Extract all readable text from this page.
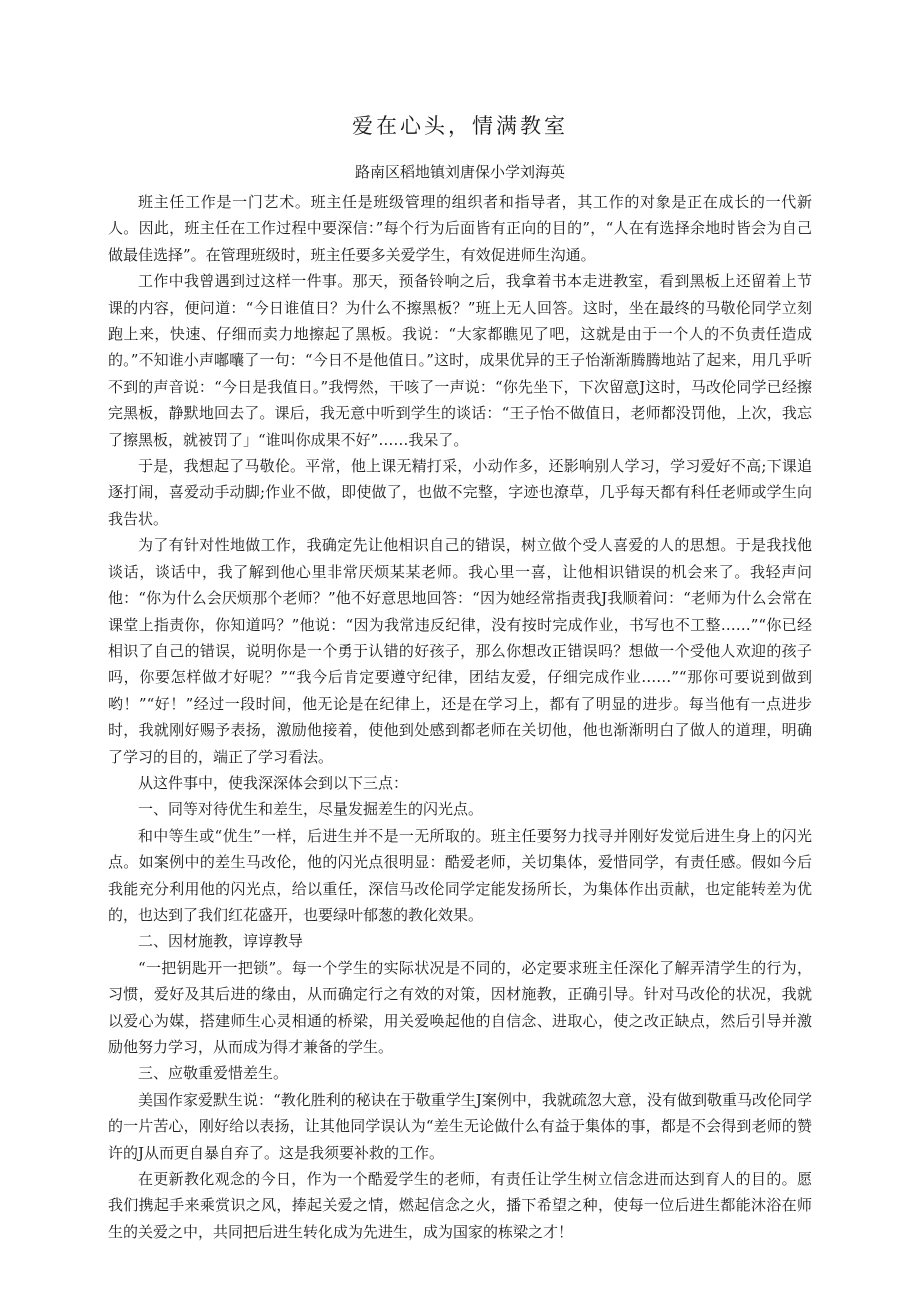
爱在心头，情满教室
路南区稻地镇刘唐保小学刘海英

班主任工作是一门艺术。班主任是班级管理的组织者和指导者，其工作的对象是正在成长的一代新人。因此，班主任在工作过程中要深信：”每个行为后面皆有正向的目的”，“人在有选择余地时皆会为自己做最佳选择”。在管理班级时，班主任要多关爱学生，有效促进师生沟通。

工作中我曾遇到过这样一件事。那天，预备铃响之后，我拿着书本走进教室，看到黑板上还留着上节课的内容，便问道：“今日谁值日？为什么不擦黑板？”班上无人回答。这时，坐在最终的马敬伦同学立刻跑上来，快速、仔细而卖力地擦起了黑板。我说：“大家都瞧见了吧，这就是由于一个人的不负责任造成的。”不知谁小声嘟囔了一句：“今日不是他值日。”这时，成果优异的王子怡渐渐腾腾地站了起来，用几乎听不到的声音说：“今日是我值日。”我愕然，干咳了一声说：“你先坐下，下次留意J这时，马改伦同学已经擦完黑板，静默地回去了。课后，我无意中听到学生的谈话：“王子怡不做值日，老师都没罚他，上次，我忘了擦黑板，就被罚了」“谁叫你成果不好”……我呆了。

于是，我想起了马敬伦。平常，他上课无精打采，小动作多，还影响别人学习，学习爱好不高;下课追逐打闹，喜爱动手动脚;作业不做，即使做了，也做不完整，字迹也潦草，几乎每天都有科任老师或学生向我告状。

为了有针对性地做工作，我确定先让他相识自己的错误，树立做个受人喜爱的人的思想。于是我找他谈话，谈话中，我了解到他心里非常厌烦某某老师。我心里一喜，让他相识错误的机会来了。我轻声问他：“你为什么会厌烦那个老师？”他不好意思地回答：“因为她经常指责我J我顺着问：“老师为什么会常在课堂上指责你，你知道吗？”他说：“因为我常违反纪律，没有按时完成作业，书写也不工整……”“你已经相识了自己的错误，说明你是一个勇于认错的好孩子，那么你想改正错误吗？想做一个受他人欢迎的孩子吗，你要怎样做才好呢？”“我今后肯定要遵守纪律，团结友爱，仔细完成作业……”“那你可要说到做到哟！”“好！”经过一段时间，他无论是在纪律上，还是在学习上，都有了明显的进步。每当他有一点进步时，我就刚好赐予表扬，激励他接着，使他到处感到都老师在关切他，他也渐渐明白了做人的道理，明确了学习的目的，端正了学习看法。

从这件事中，使我深深体会到以下三点：

一、同等对待优生和差生，尽量发掘差生的闪光点。

和中等生或“优生”一样，后进生并不是一无所取的。班主任要努力找寻并刚好发觉后进生身上的闪光点。如案例中的差生马改伦，他的闪光点很明显：酷爱老师，关切集体，爱惜同学，有责任感。假如今后我能充分利用他的闪光点，给以重任，深信马改伦同学定能发扬所长，为集体作出贡献，也定能转差为优的，也达到了我们红花盛开，也要绿叶郁葱的教化效果。

二、因材施教，谆谆教导

“一把钥匙开一把锁”。每一个学生的实际状况是不同的，必定要求班主任深化了解弄清学生的行为，习惯，爱好及其后进的缘由，从而确定行之有效的对策，因材施教，正确引导。针对马改伦的状况，我就以爱心为媒，搭建师生心灵相通的桥梁，用关爱唤起他的自信念、进取心，使之改正缺点，然后引导并激励他努力学习，从而成为得才兼备的学生。

三、应敬重爱惜差生。

美国作家爱默生说：“教化胜利的秘诀在于敬重学生J案例中，我就疏忽大意，没有做到敬重马改伦同学的一片苦心，刚好给以表扬，让其他同学误认为“差生无论做什么有益于集体的事，都是不会得到老师的赞许的J从而更自暴自弃了。这是我须要补救的工作。

在更新教化观念的今日，作为一个酷爱学生的老师，有责任让学生树立信念进而达到育人的目的。愿我们携起手来乘赏识之风，捧起关爱之情，燃起信念之火，播下希望之种，使每一位后进生都能沐浴在师生的关爱之中，共同把后进生转化成为先进生，成为国家的栋梁之才！
